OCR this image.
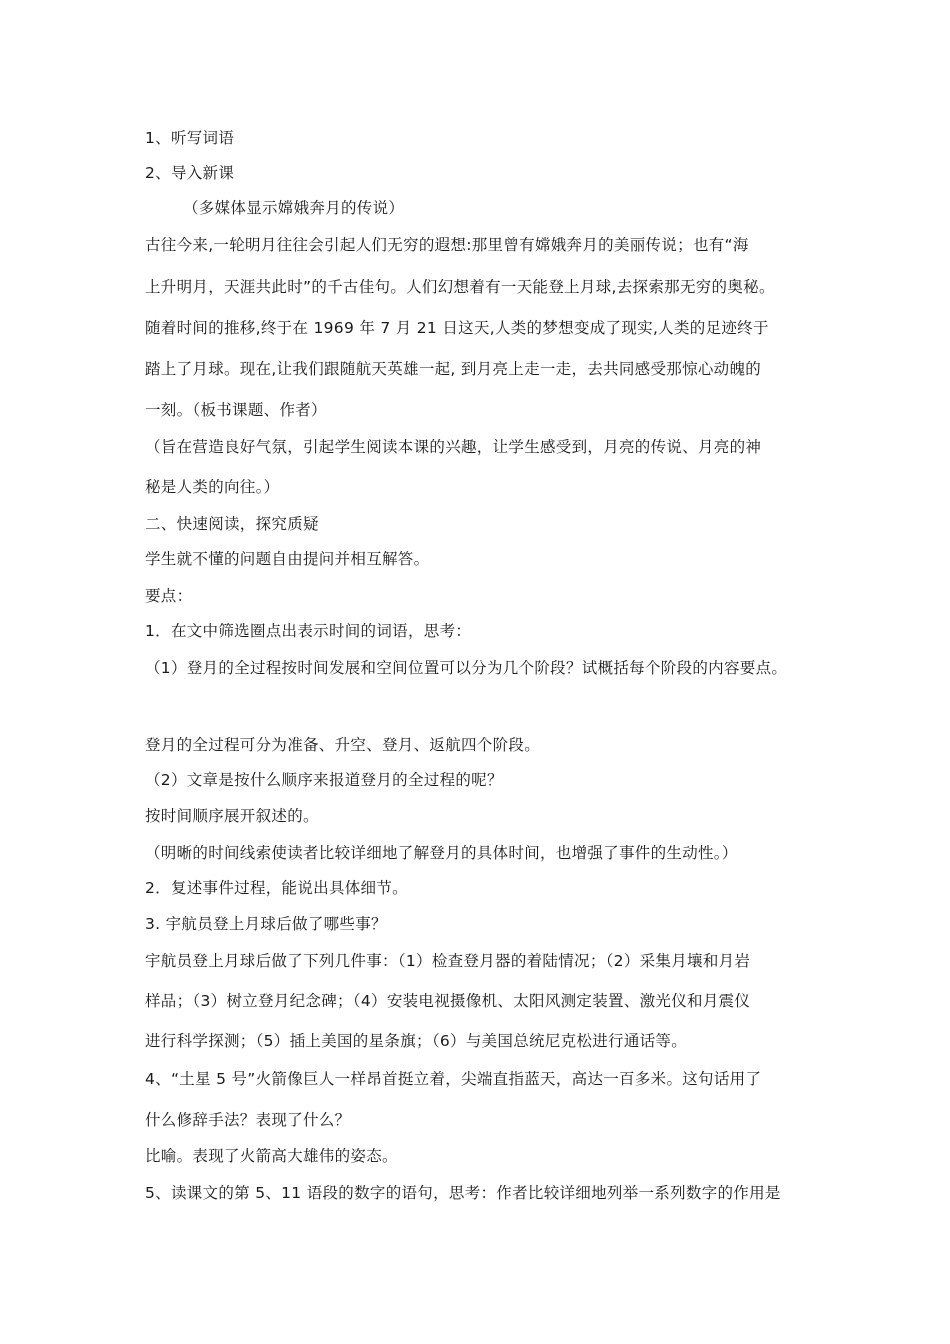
1、听写词语
2、导入新课
（多媒体显示嫦娥奔月的传说）
古往今来,一轮明月往往会引起人们无穷的遐想:那里曾有嫦娥奔月的美丽传说；也有“海
上升明月，天涯共此时”的千古佳句。人们幻想着有一天能登上月球,去探索那无穷的奥秘。
随着时间的推移,终于在 1969 年 7 月 21 日这天,人类的梦想变成了现实,人类的足迹终于
踏上了月球。现在,让我们跟随航天英雄一起, 到月亮上走一走，去共同感受那惊心动魄的
一刻。（板书课题、作者）
（旨在营造良好气氛，引起学生阅读本课的兴趣，让学生感受到，月亮的传说、月亮的神
秘是人类的向往。）
二、快速阅读，探究质疑
学生就不懂的问题自由提问并相互解答。
要点：
1．在文中筛选圈点出表示时间的词语，思考：
（1）登月的全过程按时间发展和空间位置可以分为几个阶段？试概括每个阶段的内容要点。
登月的全过程可分为准备、升空、登月、返航四个阶段。
（2）文章是按什么顺序来报道登月的全过程的呢？
按时间顺序展开叙述的。
（明晰的时间线索使读者比较详细地了解登月的具体时间，也增强了事件的生动性。）
2．复述事件过程，能说出具体细节。
3. 宇航员登上月球后做了哪些事？
宇航员登上月球后做了下列几件事：（1）检查登月器的着陆情况；（2）采集月壤和月岩
样品；（3）树立登月纪念碑；（4）安装电视摄像机、太阳风测定装置、激光仪和月震仪
进行科学探测；（5）插上美国的星条旗；（6）与美国总统尼克松进行通话等。
4、“土星 5 号”火箭像巨人一样昂首挺立着，尖端直指蓝天，高达一百多米。这句话用了
什么修辞手法？表现了什么？
比喻。表现了火箭高大雄伟的姿态。
5、读课文的第 5、11 语段的数字的语句，思考：作者比较详细地列举一系列数字的作用是
